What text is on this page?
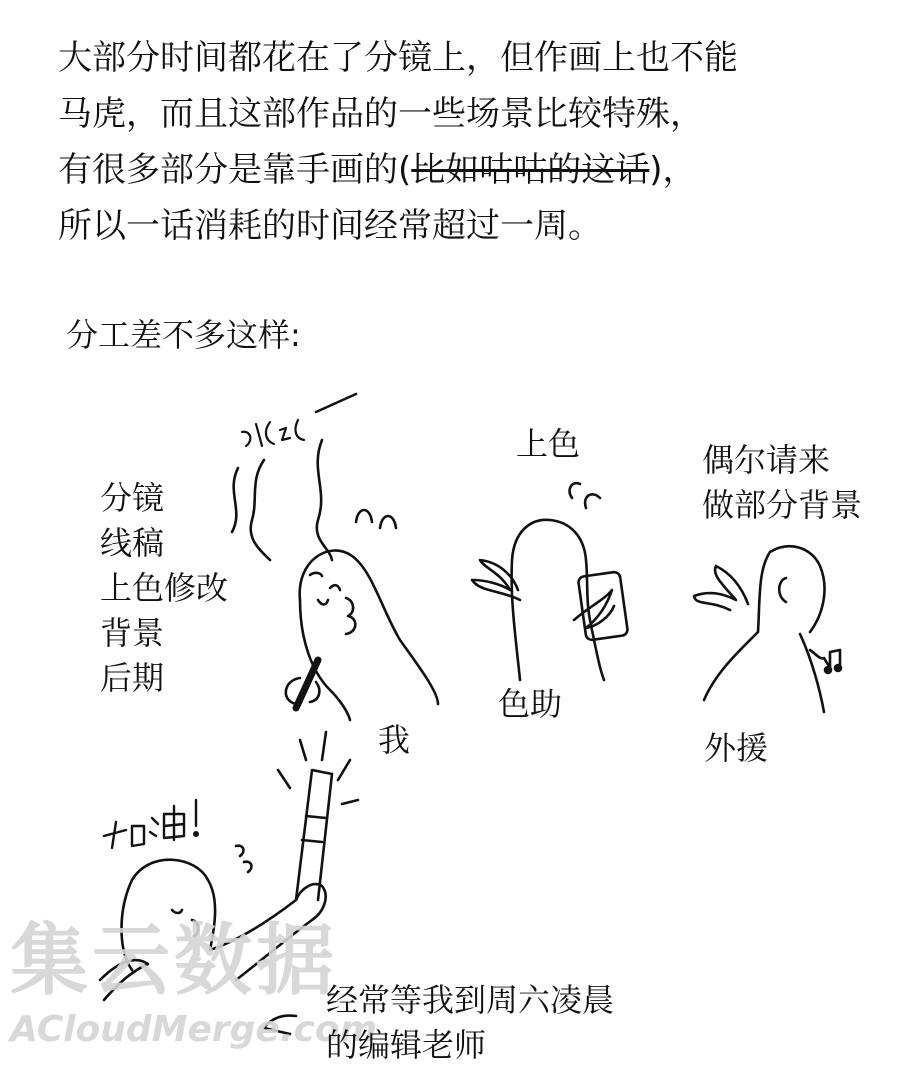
大部分时间都花在了分镜上，但作画上也不能
马虎，而且这部作品的一些场景比较特殊，
有很多部分是靠手画的(比如咕咕的这话)，
所以一话消耗的时间经常超过一周。
分工差不多这样:
分镜
线稿
上色修改
背景
后期
我
上色
色助
偶尔请来
做部分背景
外援
集云数据
ACloudMerge.com
经常等我到周六凌晨
的编辑老师
